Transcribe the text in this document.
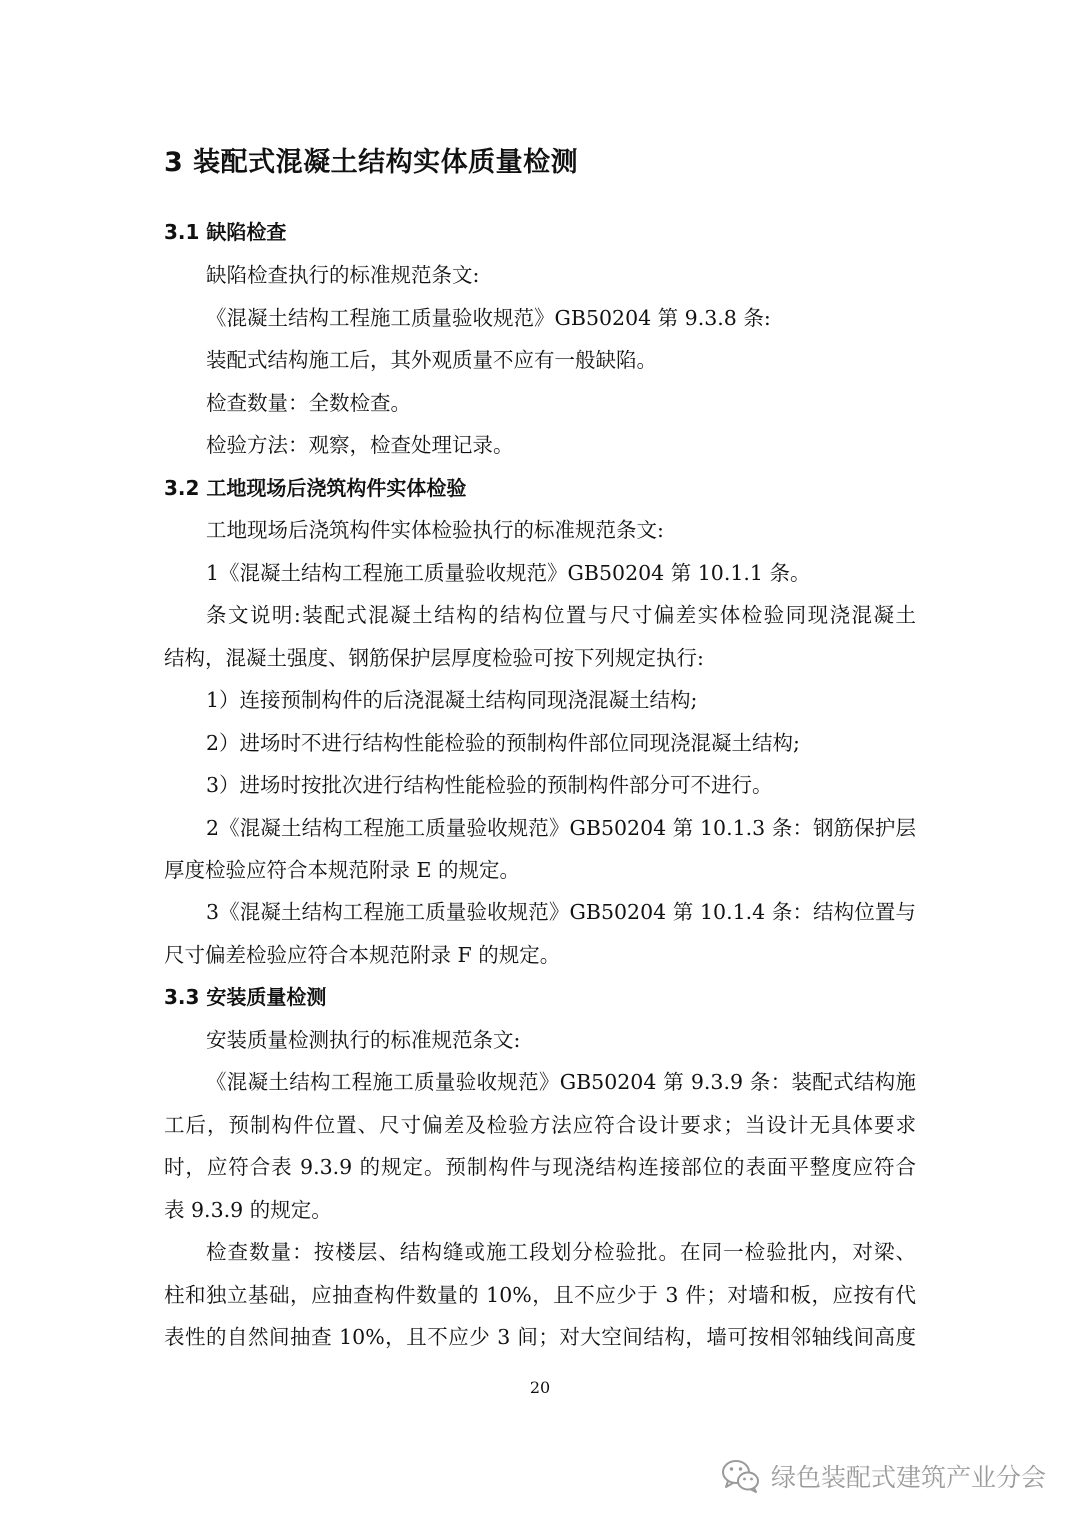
3 装配式混凝土结构实体质量检测
3.1 缺陷检查
缺陷检查执行的标准规范条文:
《混凝土结构工程施工质量验收规范》GB50204 第 9.3.8 条:
装配式结构施工后，其外观质量不应有一般缺陷。
检查数量：全数检查。
检验方法：观察，检查处理记录。
3.2 工地现场后浇筑构件实体检验
工地现场后浇筑构件实体检验执行的标准规范条文:
1《混凝土结构工程施工质量验收规范》GB50204 第 10.1.1 条。
条文说明:装配式混凝土结构的结构位置与尺寸偏差实体检验同现浇混凝土
结构，混凝土强度、钢筋保护层厚度检验可按下列规定执行:
1）连接预制构件的后浇混凝土结构同现浇混凝土结构;
2）进场时不进行结构性能检验的预制构件部位同现浇混凝土结构;
3）进场时按批次进行结构性能检验的预制构件部分可不进行。
2《混凝土结构工程施工质量验收规范》GB50204 第 10.1.3 条：钢筋保护层
厚度检验应符合本规范附录 E 的规定。
3《混凝土结构工程施工质量验收规范》GB50204 第 10.1.4 条：结构位置与
尺寸偏差检验应符合本规范附录 F 的规定。
3.3 安装质量检测
安装质量检测执行的标准规范条文:
《混凝土结构工程施工质量验收规范》GB50204 第 9.3.9 条：装配式结构施
工后，预制构件位置、尺寸偏差及检验方法应符合设计要求；当设计无具体要求
时，应符合表 9.3.9 的规定。预制构件与现浇结构连接部位的表面平整度应符合
表 9.3.9 的规定。
检查数量：按楼层、结构缝或施工段划分检验批。在同一检验批内，对梁、
柱和独立基础，应抽查构件数量的 10%，且不应少于 3 件；对墙和板，应按有代
表性的自然间抽查 10%，且不应少 3 间；对大空间结构，墙可按相邻轴线间高度
20
绿色装配式建筑产业分会
